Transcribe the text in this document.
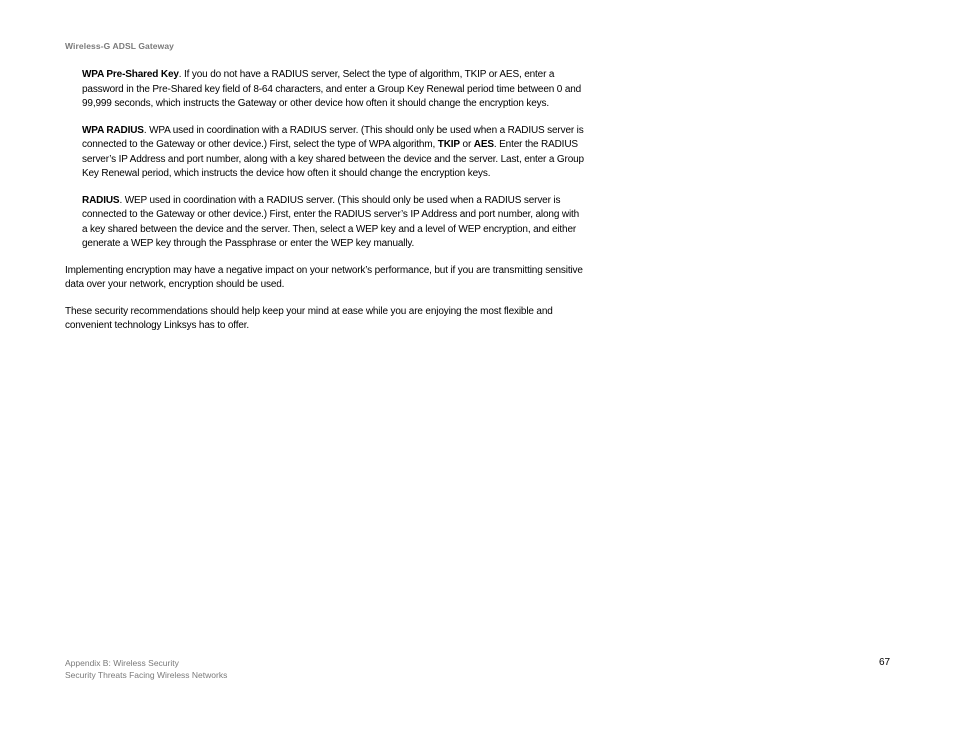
Wireless-G ADSL Gateway

WPA Pre-Shared Key. If you do not have a RADIUS server, Select the type of algorithm, TKIP or AES, enter a password in the Pre-Shared key field of 8-64 characters, and enter a Group Key Renewal period time between 0 and 99,999 seconds, which instructs the Gateway or other device how often it should change the encryption keys.

WPA RADIUS. WPA used in coordination with a RADIUS server. (This should only be used when a RADIUS server is connected to the Gateway or other device.) First, select the type of WPA algorithm, TKIP or AES. Enter the RADIUS server’s IP Address and port number, along with a key shared between the device and the server. Last, enter a Group Key Renewal period, which instructs the device how often it should change the encryption keys.

RADIUS. WEP used in coordination with a RADIUS server. (This should only be used when a RADIUS server is connected to the Gateway or other device.) First, enter the RADIUS server’s IP Address and port number, along with a key shared between the device and the server. Then, select a WEP key and a level of WEP encryption, and either generate a WEP key through the Passphrase or enter the WEP key manually.

Implementing encryption may have a negative impact on your network’s performance, but if you are transmitting sensitive data over your network, encryption should be used.

These security recommendations should help keep your mind at ease while you are enjoying the most flexible and convenient technology Linksys has to offer.

Appendix B: Wireless Security
Security Threats Facing Wireless Networks
67
